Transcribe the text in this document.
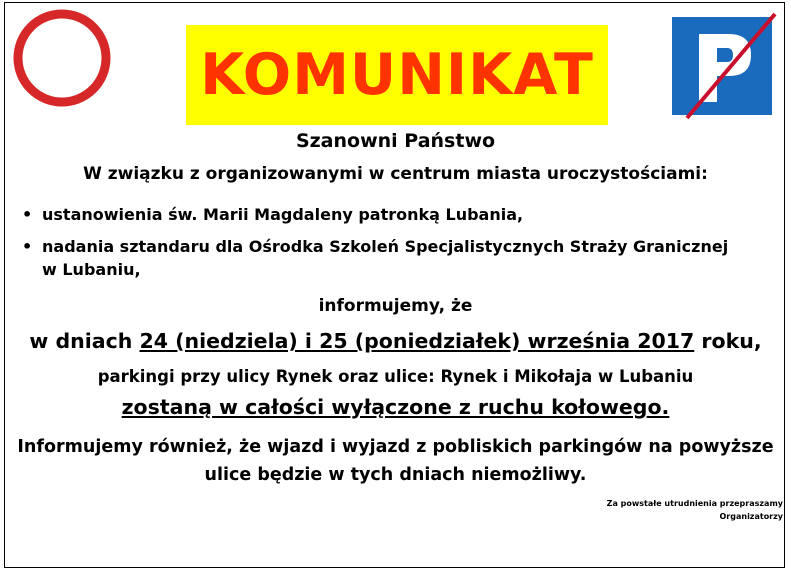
KOMUNIKAT
Szanowni Państwo
W związku z organizowanymi w centrum miasta uroczystościami:
• ustanowienia św. Marii Magdaleny patronką Lubania,
• nadania sztandaru dla Ośrodka Szkoleń Specjalistycznych Straży Granicznej
w Lubaniu,
informujemy, że
w dniach 24 (niedziela) i 25 (poniedziałek) września 2017 roku,
parkingi przy ulicy Rynek oraz ulice: Rynek i Mikołaja w Lubaniu
zostaną w całości wyłączone z ruchu kołowego.
Informujemy również, że wjazd i wyjazd z pobliskich parkingów na powyższe
ulice będzie w tych dniach niemożliwy.
Za powstałe utrudnienia przepraszamy
Organizatorzy
